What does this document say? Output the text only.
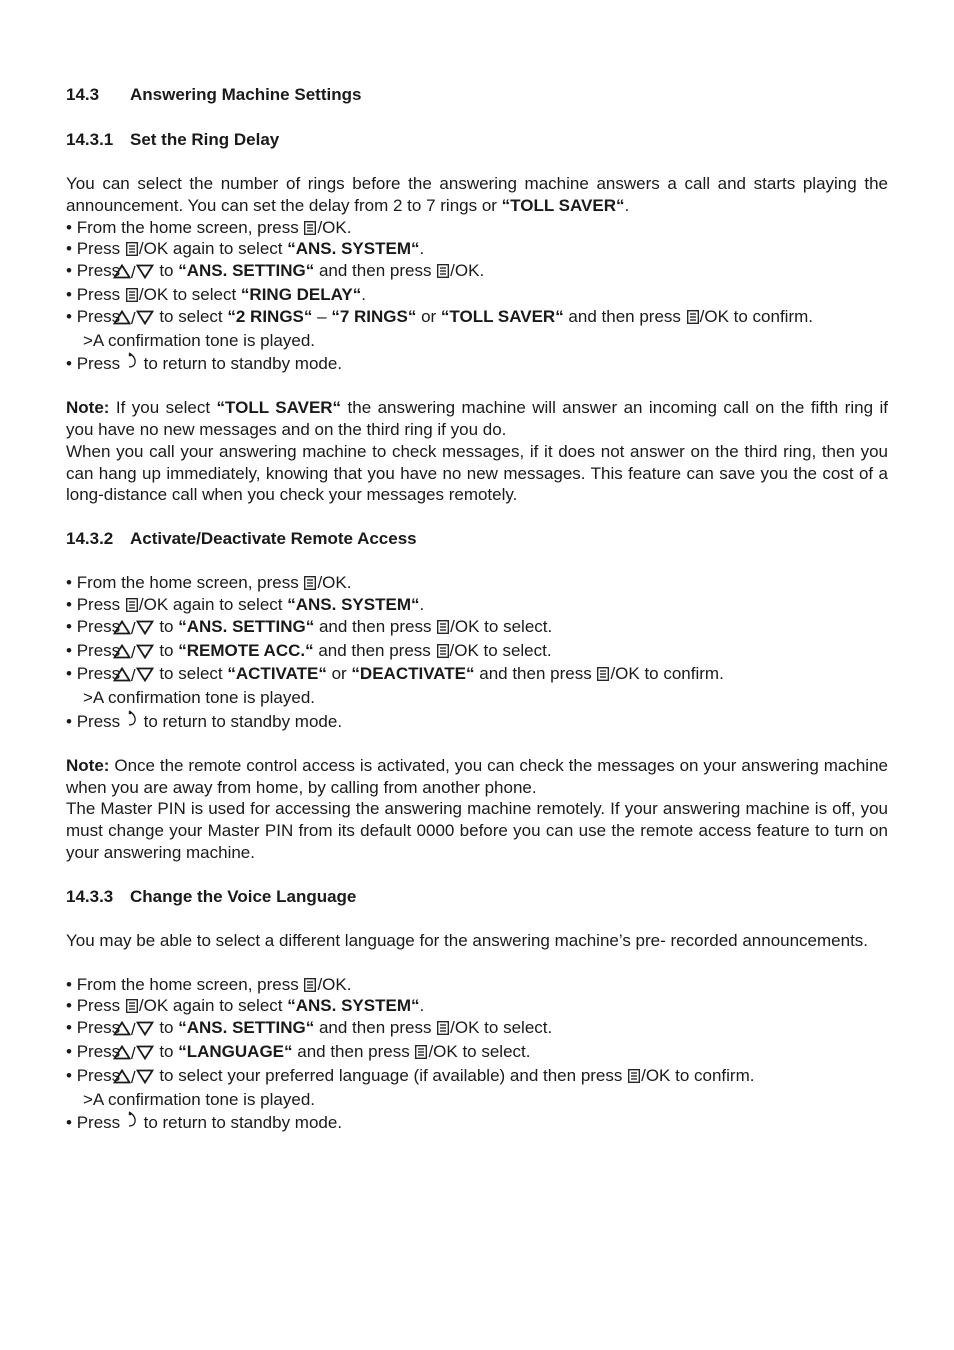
14.3 Answering Machine Settings
14.3.1 Set the Ring Delay

You can select the number of rings before the answering machine answers a call and starts playing the announcement. You can set the delay from 2 to 7 rings or “TOLL SAVER“.

• From the home screen, press
/OK.
• Press
/OK again to select “ANS. SYSTEM“.
• Press
/
to “ANS. SETTING“ and then press
/OK.
• Press
/OK to select “RING DELAY“.
• Press
/
to select “2 RINGS“ – “7 RINGS“ or “TOLL SAVER“ and then press
/OK to confirm.
>A confirmation tone is played.
• Press
to return to standby mode.

Note: If you select “TOLL SAVER“ the answering machine will answer an incoming call on the fifth ring if you have no new messages and on the third ring if you do.

When you call your answering machine to check messages, if it does not answer on the third ring, then you can hang up immediately, knowing that you have no new messages. This feature can save you the cost of a long-distance call when you check your messages remotely.

14.3.2 Activate/Deactivate Remote Access
• From the home screen, press
/OK.
• Press
/OK again to select “ANS. SYSTEM“.
• Press
/
to “ANS. SETTING“ and then press
/OK to select.
• Press
/
to “REMOTE ACC.“ and then press
/OK to select.
• Press
/
to select “ACTIVATE“ or “DEACTIVATE“ and then press
/OK to confirm.
>A confirmation tone is played.
• Press
to return to standby mode.

Note: Once the remote control access is activated, you can check the messages on your answering machine when you are away from home, by calling from another phone.

The Master PIN is used for accessing the answering machine remotely. If your answering machine is off, you must change your Master PIN from its default 0000 before you can use the remote access feature to turn on your answering machine.

14.3.3 Change the Voice Language

You may be able to select a different language for the answering machine’s pre- recorded announcements.

• From the home screen, press
/OK.
• Press
/OK again to select “ANS. SYSTEM“.
• Press
/
to “ANS. SETTING“ and then press
/OK to select.
• Press
/
to “LANGUAGE“ and then press
/OK to select.
• Press
/
to select your preferred language (if available) and then press
/OK to confirm.
>A confirmation tone is played.
• Press
to return to standby mode.
